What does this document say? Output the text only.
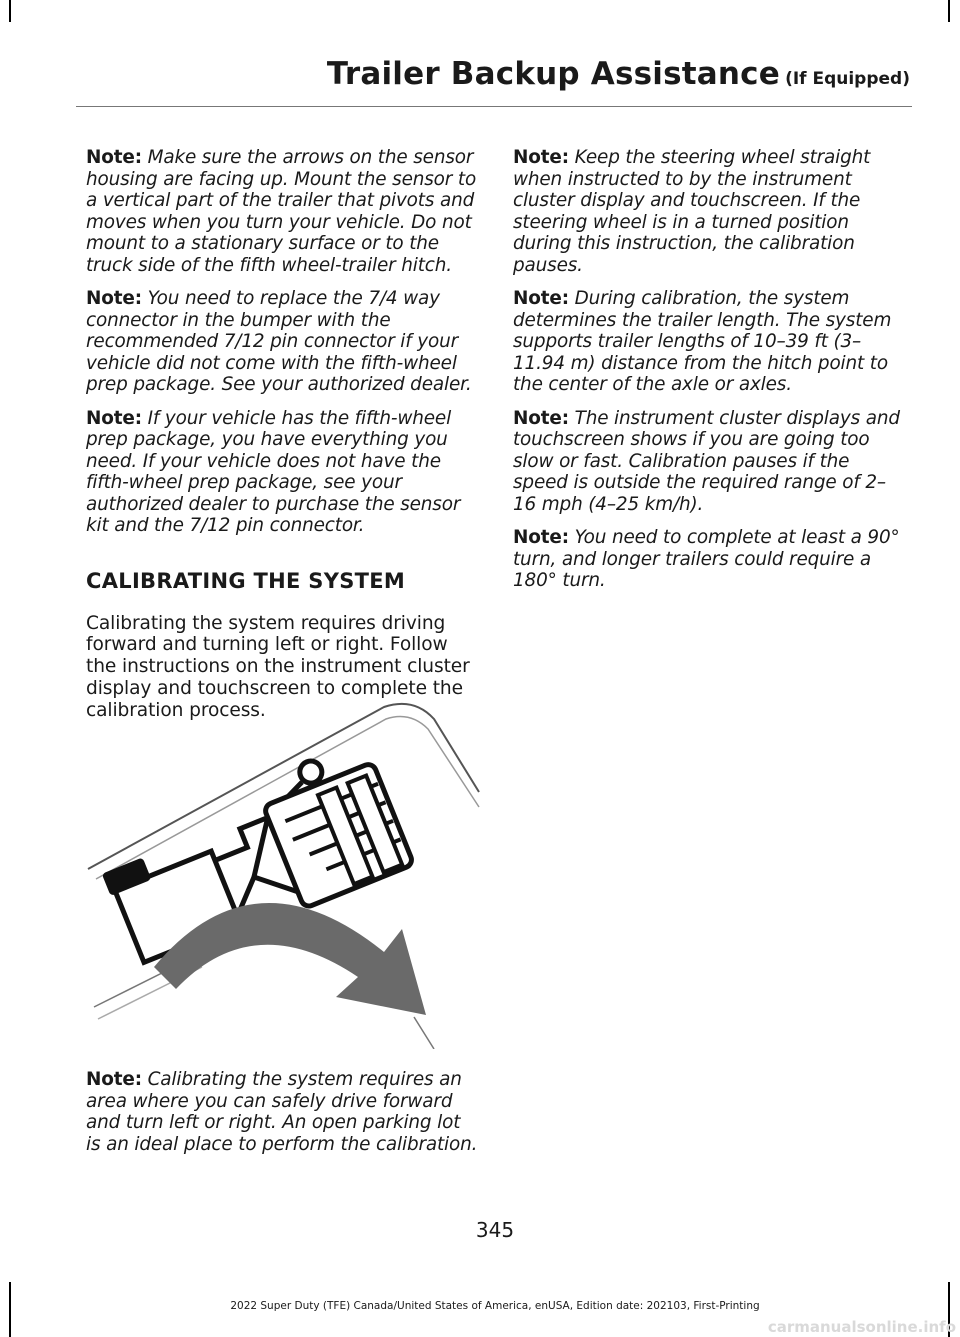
Trailer Backup Assistance (If Equipped)

Note: Make sure the arrows on the sensor housing are facing up. Mount the sensor to a vertical part of the trailer that pivots and moves when you turn your vehicle. Do not mount to a stationary surface or to the truck side of the fifth wheel-trailer hitch.

Note: You need to replace the 7/4 way connector in the bumper with the recommended 7/12 pin connector if your vehicle did not come with the fifth-wheel prep package. See your authorized dealer.

Note: If your vehicle has the fifth-wheel prep package, you have everything you need. If your vehicle does not have the fifth-wheel prep package, see your authorized dealer to purchase the sensor kit and the 7/12 pin connector.

CALIBRATING THE SYSTEM

Calibrating the system requires driving forward and turning left or right. Follow the instructions on the instrument cluster display and touchscreen to complete the calibration process.

Note: Calibrating the system requires an area where you can safely drive forward and turn left or right. An open parking lot is an ideal place to perform the calibration.

Note: Keep the steering wheel straight when instructed to by the instrument cluster display and touchscreen. If the steering wheel is in a turned position during this instruction, the calibration pauses.

Note: During calibration, the system determines the trailer length. The system supports trailer lengths of 10–39 ft (3–11.94 m) distance from the hitch point to the center of the axle or axles.

Note: The instrument cluster displays and touchscreen shows if you are going too slow or fast. Calibration pauses if the speed is outside the required range of 2–16 mph (4–25 km/h).

Note: You need to complete at least a 90° turn, and longer trailers could require a 180° turn.

345
2022 Super Duty (TFE) Canada/United States of America, enUSA, Edition date: 202103, First-Printing
carmanualsonline.info
